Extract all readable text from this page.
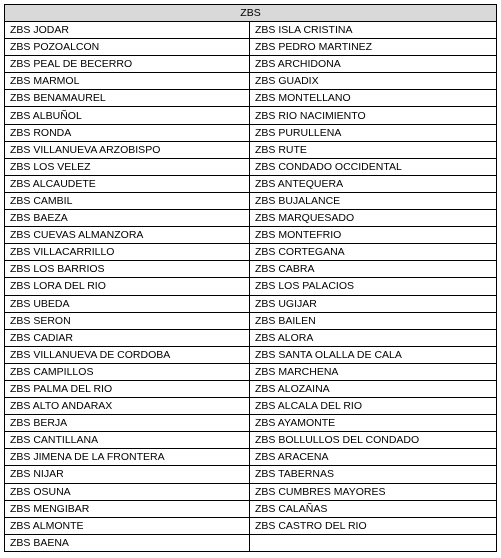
ZBS	
ZBS JODAR	ZBS ISLA CRISTINA
ZBS POZOALCON	ZBS PEDRO MARTINEZ
ZBS PEAL DE BECERRO	ZBS ARCHIDONA
ZBS MARMOL	ZBS GUADIX
ZBS BENAMAUREL	ZBS MONTELLANO
ZBS ALBUÑOL	ZBS RIO NACIMIENTO
ZBS RONDA	ZBS PURULLENA
ZBS VILLANUEVA ARZOBISPO	ZBS RUTE
ZBS LOS VELEZ	ZBS CONDADO OCCIDENTAL
ZBS ALCAUDETE	ZBS ANTEQUERA
ZBS CAMBIL	ZBS BUJALANCE
ZBS BAEZA	ZBS MARQUESADO
ZBS CUEVAS ALMANZORA	ZBS MONTEFRIO
ZBS VILLACARRILLO	ZBS CORTEGANA
ZBS LOS BARRIOS	ZBS CABRA
ZBS LORA DEL RIO	ZBS LOS PALACIOS
ZBS UBEDA	ZBS UGIJAR
ZBS SERON	ZBS BAILEN
ZBS CADIAR	ZBS ALORA
ZBS VILLANUEVA DE CORDOBA	ZBS SANTA OLALLA DE CALA
ZBS CAMPILLOS	ZBS MARCHENA
ZBS PALMA DEL RIO	ZBS ALOZAINA
ZBS ALTO ANDARAX	ZBS ALCALA DEL RIO
ZBS BERJA	ZBS AYAMONTE
ZBS CANTILLANA	ZBS BOLLULLOS DEL CONDADO
ZBS JIMENA DE LA FRONTERA	ZBS ARACENA
ZBS NIJAR	ZBS TABERNAS
ZBS OSUNA	ZBS CUMBRES MAYORES
ZBS MENGIBAR	ZBS CALAÑAS
ZBS ALMONTE	ZBS CASTRO DEL RIO
ZBS BAENA	
